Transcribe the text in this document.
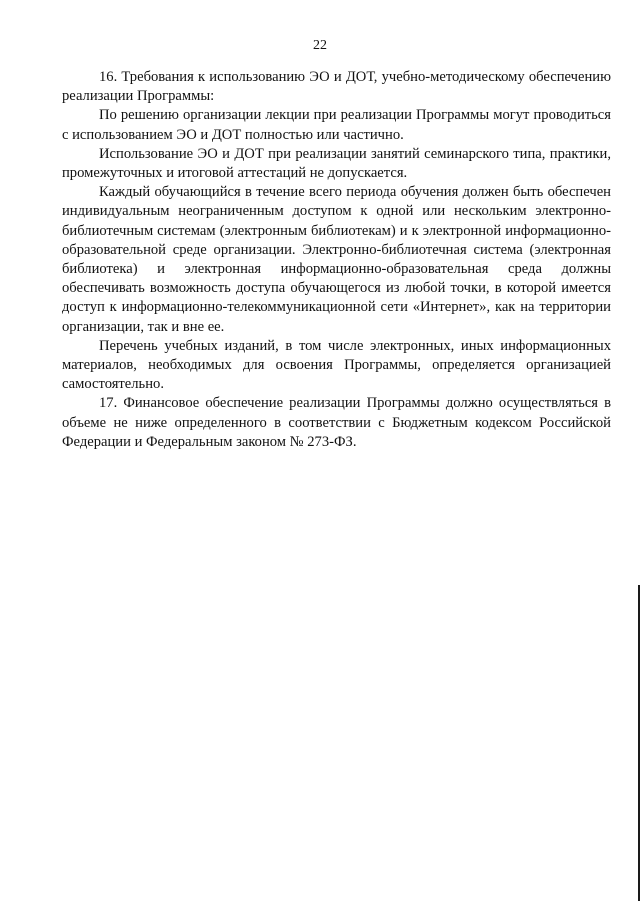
22

16. Требования к использованию ЭО и ДОТ, учебно-методическому обеспечению реализации Программы:

По решению организации лекции при реализации Программы могут проводиться с использованием ЭО и ДОТ полностью или частично.

Использование ЭО и ДОТ при реализации занятий семинарского типа, практики, промежуточных и итоговой аттестаций не допускается.

Каждый обучающийся в течение всего периода обучения должен быть обеспечен индивидуальным неограниченным доступом к одной или нескольким электронно-библиотечным системам (электронным библиотекам) и к электронной информационно-образовательной среде организации. Электронно-библиотечная система (электронная библиотека) и электронная информационно-образовательная среда должны обеспечивать возможность доступа обучающегося из любой точки, в которой имеется доступ к информационно-телекоммуникационной сети «Интернет», как на территории организации, так и вне ее.

Перечень учебных изданий, в том числе электронных, иных информационных материалов, необходимых для освоения Программы, определяется организацией самостоятельно.

17. Финансовое обеспечение реализации Программы должно осуществляться в объеме не ниже определенного в соответствии с Бюджетным кодексом Российской Федерации и Федеральным законом № 273-ФЗ.
